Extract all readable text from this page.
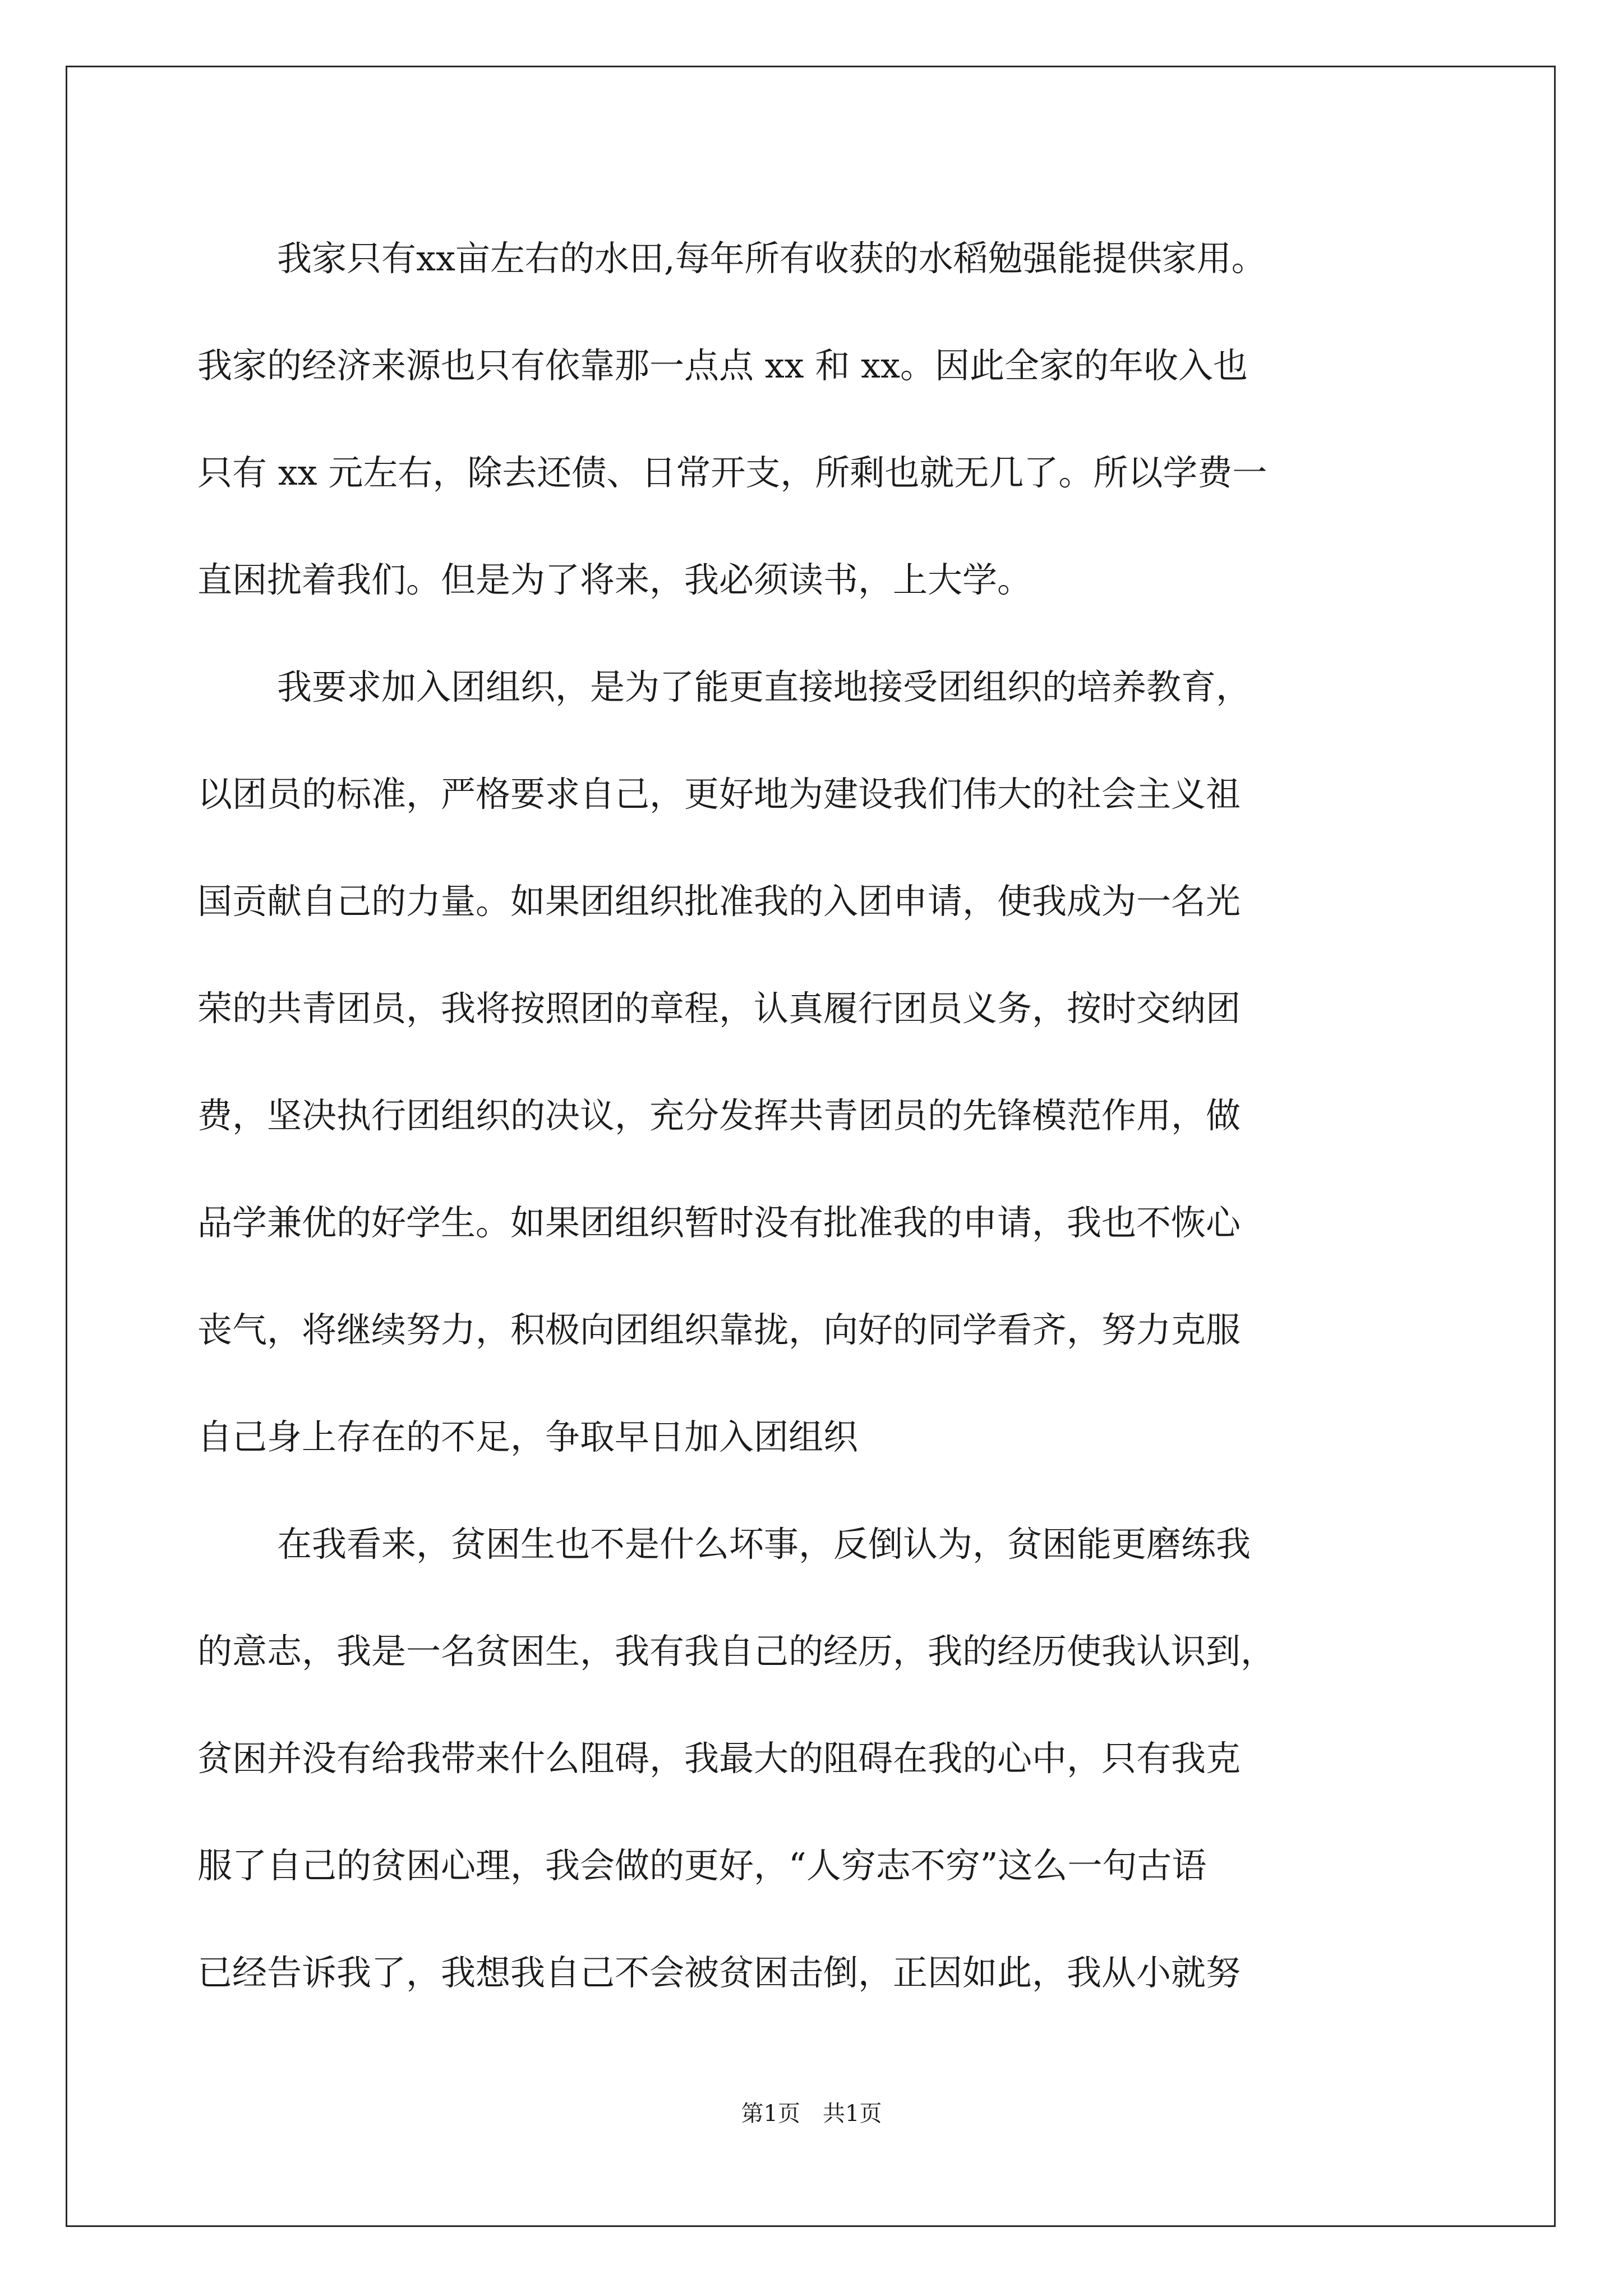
我家只有xx亩左右的水田,每年所有收获的水稻勉强能提供家用。
我家的经济来源也只有依靠那一点点 xx 和 xx。因此全家的年收入也
只有 xx 元左右，除去还债、日常开支，所剩也就无几了。所以学费一
直困扰着我们。但是为了将来，我必须读书，上大学。
我要求加入团组织，是为了能更直接地接受团组织的培养教育，
以团员的标准，严格要求自己，更好地为建设我们伟大的社会主义祖
国贡献自己的力量。如果团组织批准我的入团申请，使我成为一名光
荣的共青团员，我将按照团的章程，认真履行团员义务，按时交纳团
费，坚决执行团组织的决议，充分发挥共青团员的先锋模范作用，做
品学兼优的好学生。如果团组织暂时没有批准我的申请，我也不恢心
丧气，将继续努力，积极向团组织靠拢，向好的同学看齐，努力克服
自己身上存在的不足，争取早日加入团组织
在我看来，贫困生也不是什么坏事，反倒认为，贫困能更磨练我
的意志，我是一名贫困生，我有我自己的经历，我的经历使我认识到，
贫困并没有给我带来什么阻碍，我最大的阻碍在我的心中，只有我克
服了自己的贫困心理，我会做的更好，“人穷志不穷”这么一句古语
已经告诉我了，我想我自己不会被贫困击倒，正因如此，我从小就努
第1页 共1页
